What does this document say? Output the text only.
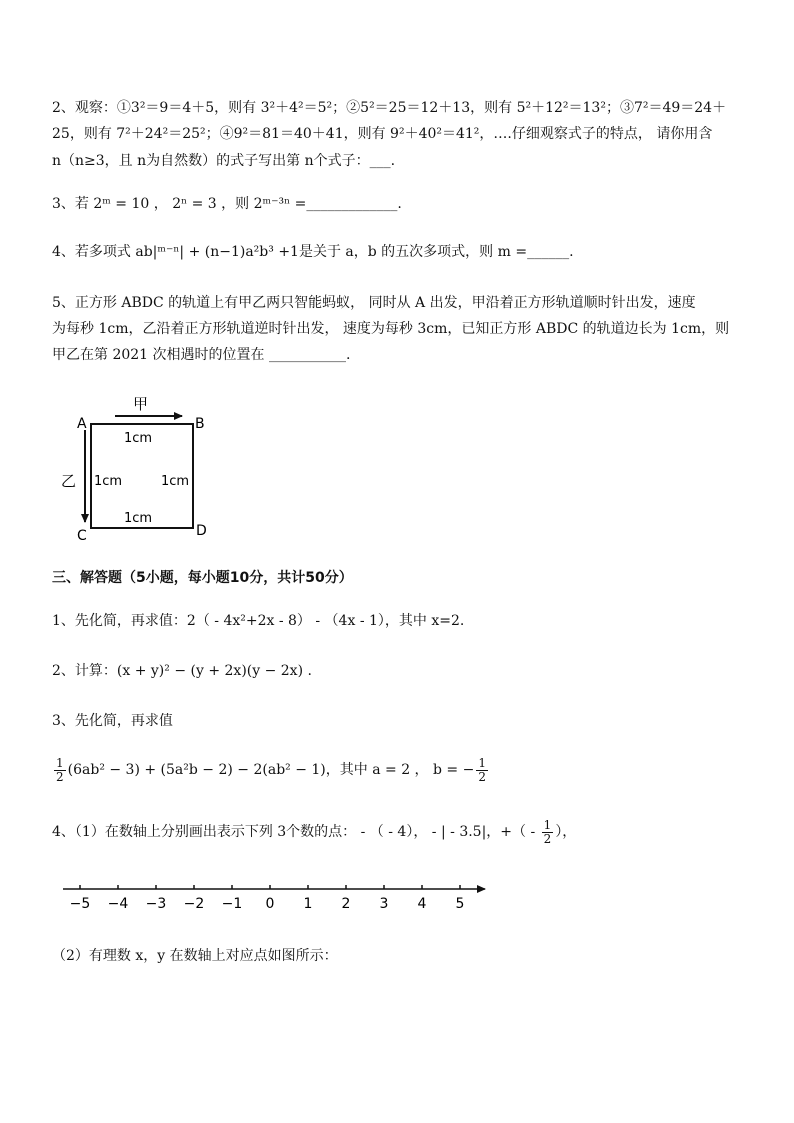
2、观察：①3²＝9＝4＋5，则有 3²＋4²＝5²；②5²＝25＝12＋13，则有 5²＋12²＝13²；③7²＝49＝24＋
25，则有 7²＋24²＝25²；④9²＝81＝40＋41，则有 9²＋40²＝41²，….仔细观察式子的特点， 请你用含
n（n≥3，且 n为自然数）的式子写出第 n个式子：___.
3、若 2ᵐ = 10 ， 2ⁿ = 3 ，则 2ᵐ⁻³ⁿ =_____________.
4、若多项式 ab|ᵐ⁻ⁿ| + (n−1)a²b³ +1是关于 a，b 的五次多项式，则 m =______.
5、正方形 ABDC 的轨道上有甲乙两只智能蚂蚁， 同时从 A 出发，甲沿着正方形轨道顺时针出发，速度
为每秒 1cm，乙沿着正方形轨道逆时针出发， 速度为每秒 3cm，已知正方形 ABDC 的轨道边长为 1cm，则
甲乙在第 2021 次相遇时的位置在 ___________.
A	B
C	D
甲
乙
1cm
1cm	1cm
1cm
三、解答题（5小题，每小题10分，共计50分）
1、先化简，再求值：2（ - 4x²+2x - 8） - （4x - 1），其中 x=2.
2、计算：(x + y)² − (y + 2x)(y − 2x) .
3、先化简，再求值
$\frac{1}{2} (6ab^2 - 3) + (5a^2b - 2) - 2(ab^2 - 1)$，其中 a = 2 ， b = − $\frac{1}{2}$
4、（1）在数轴上分别画出表示下列 3个数的点： - （ - 4）， - | - 3.5|，+（ - $\frac{1}{2}$ ），
−5 −4 −3 −2 −1 0 1 2 3 4 5
（2）有理数 x，y 在数轴上对应点如图所示：
